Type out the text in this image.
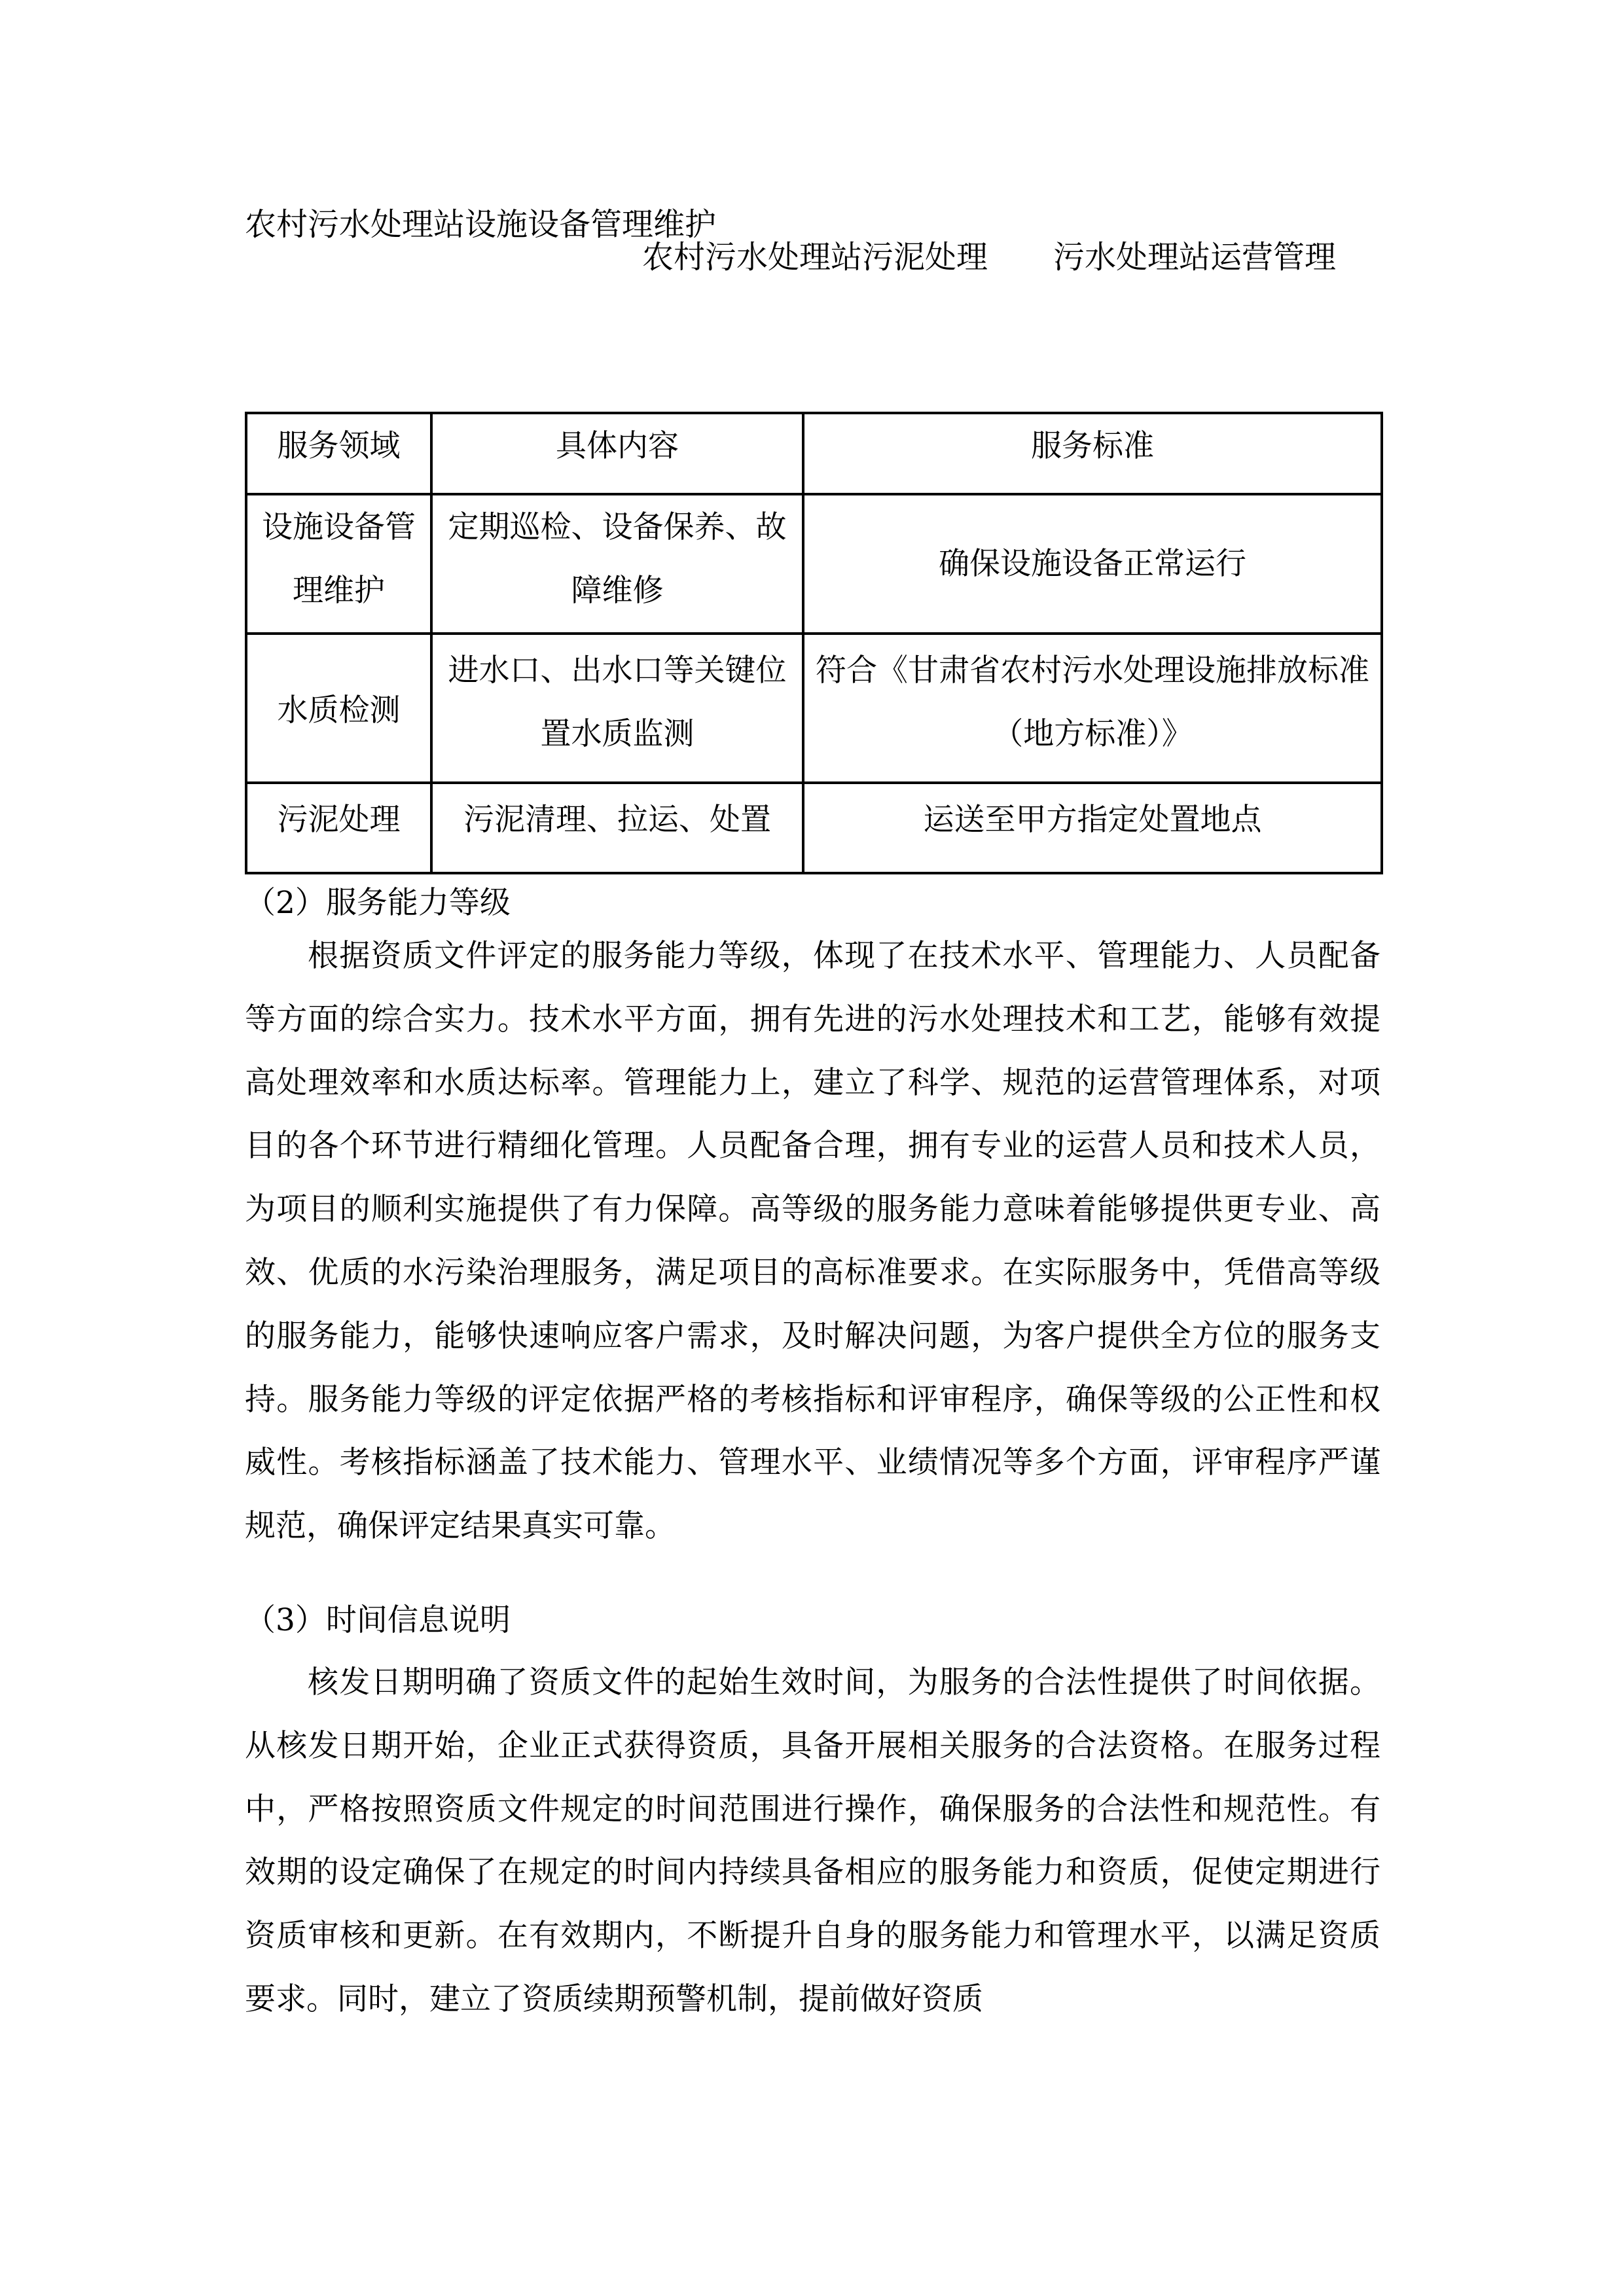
农村污水处理站设施设备管理维护
农村污水处理站污泥处理	污水处理站运营管理
服务领域	具体内容	服务标准
设施设备管理维护	定期巡检、设备保养、故障维修	确保设施设备正常运行
水质检测	进水口、出水口等关键位置水质监测	符合《甘肃省农村污水处理设施排放标准（地方标准）》
污泥处理	污泥清理、拉运、处置	运送至甲方指定处置地点
（2）服务能力等级
根据资质文件评定的服务能力等级，体现了在技术水平、管理能力、人员配备等方面的综合实力。技术水平方面，拥有先进的污水处理技术和工艺，能够有效提高处理效率和水质达标率。管理能力上，建立了科学、规范的运营管理体系，对项目的各个环节进行精细化管理。人员配备合理，拥有专业的运营人员和技术人员，为项目的顺利实施提供了有力保障。高等级的服务能力意味着能够提供更专业、高效、优质的水污染治理服务，满足项目的高标准要求。在实际服务中，凭借高等级的服务能力，能够快速响应客户需求，及时解决问题，为客户提供全方位的服务支持。服务能力等级的评定依据严格的考核指标和评审程序，确保等级的公正性和权威性。考核指标涵盖了技术能力、管理水平、业绩情况等多个方面，评审程序严谨规范，确保评定结果真实可靠。
（3）时间信息说明
核发日期明确了资质文件的起始生效时间，为服务的合法性提供了时间依据。从核发日期开始，企业正式获得资质，具备开展相关服务的合法资格。在服务过程中，严格按照资质文件规定的时间范围进行操作，确保服务的合法性和规范性。有效期的设定确保了在规定的时间内持续具备相应的服务能力和资质，促使定期进行资质审核和更新。在有效期内，不断提升自身的服务能力和管理水平，以满足资质要求。同时，建立了资质续期预警机制，提前做好资质
